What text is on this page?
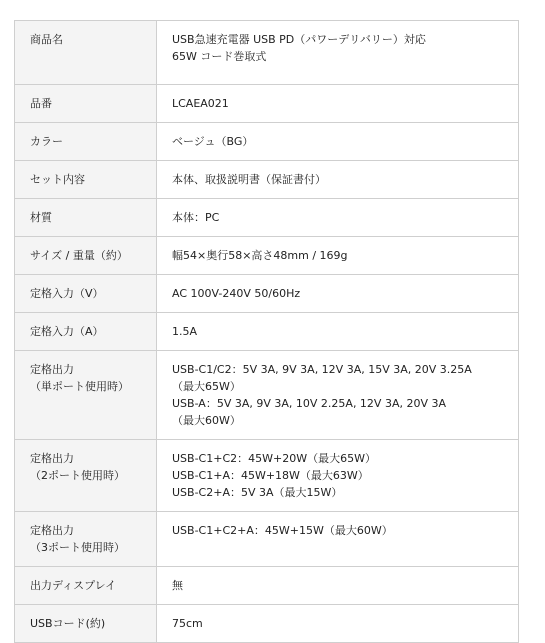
商品名	USB急速充電器 USB PD（パワーデリバリー）対応
65W コード巻取式

品番	LCAEA021

カラー	ベージュ（BG）

セット内容	本体、取扱説明書（保証書付）

材質	本体：PC

サイズ / 重量（約）	幅54×奥行58×高さ48mm / 169g

定格入力（V）	AC 100V-240V 50/60Hz

定格入力（A）	1.5A

定格出力
（単ポート使用時）	USB-C1/C2：5V 3A, 9V 3A, 12V 3A, 15V 3A, 20V 3.25A
（最大65W）
USB-A：5V 3A, 9V 3A, 10V 2.25A, 12V 3A, 20V 3A
（最大60W）

定格出力
（2ポート使用時）	USB-C1+C2：45W+20W（最大65W）
USB-C1+A：45W+18W（最大63W）
USB-C2+A：5V 3A（最大15W）

定格出力
（3ポート使用時）	USB-C1+C2+A：45W+15W（最大60W）

出力ディスプレイ	無

USBコード(約)	75cm
